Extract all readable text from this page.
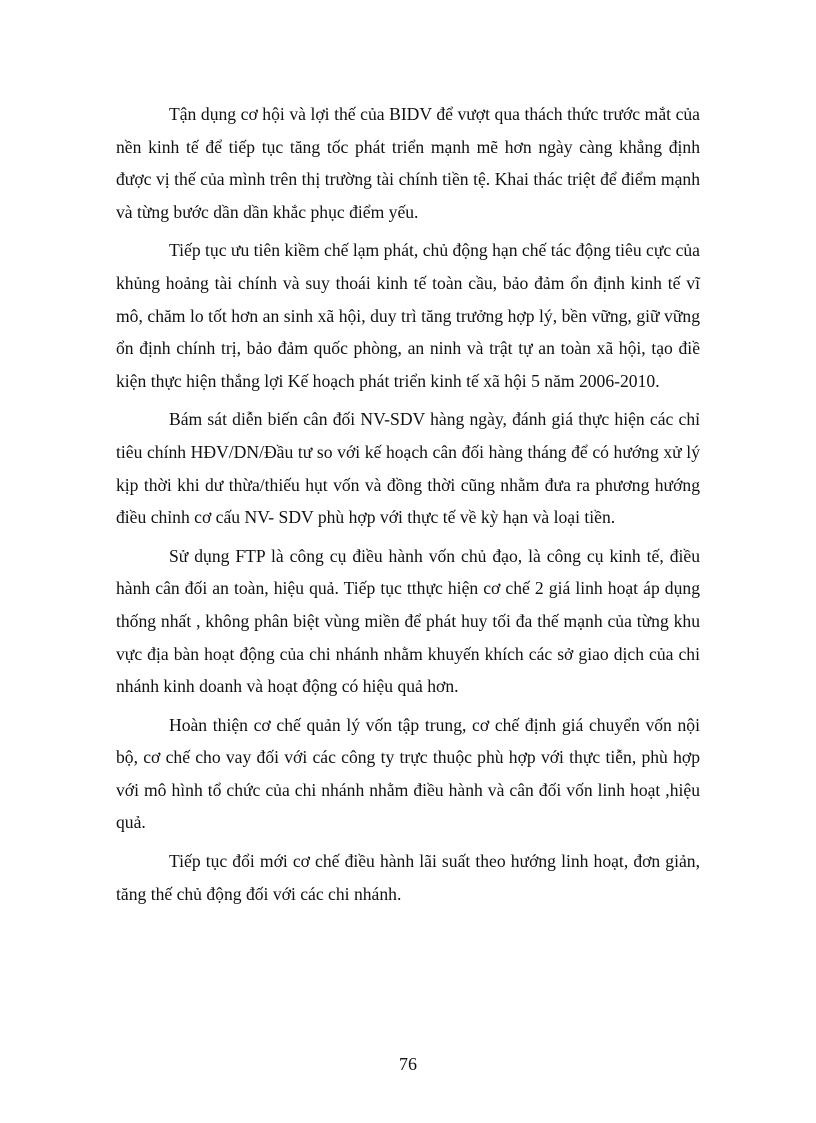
Tận dụng cơ hội và lợi thế của BIDV để vượt qua thách thức trước mắt của nền kinh tế để tiếp tục tăng tốc phát triển mạnh mẽ hơn ngày càng khẳng định được vị thế của mình trên thị trường tài chính tiền tệ. Khai thác triệt để điểm mạnh và từng bước dần dần khắc phục điểm yếu.

Tiếp tục ưu tiên kiềm chế lạm phát, chủ động hạn chế tác động tiêu cực của khủng hoảng tài chính và suy thoái kinh tế toàn cầu, bảo đảm ổn định kinh tế vĩ mô, chăm lo tốt hơn an sinh xã hội, duy trì tăng trưởng hợp lý, bền vững, giữ vững ổn định chính trị, bảo đảm quốc phòng, an ninh và trật tự an toàn xã hội, tạo điề kiện thực hiện thắng lợi Kế hoạch phát triển kinh tế xã hội 5 năm 2006-2010.

Bám sát diễn biến cân đối NV-SDV hàng ngày, đánh giá thực hiện các chỉ tiêu chính HĐV/DN/Đầu tư so với kế hoạch cân đối hàng tháng để có hướng xử lý kịp thời khi dư thừa/thiếu hụt vốn và đồng thời cũng nhằm đưa ra phương hướng điều chỉnh cơ cấu NV- SDV phù hợp với thực tế về kỳ hạn và loại tiền.

Sử dụng FTP là công cụ điều hành vốn chủ đạo, là công cụ kinh tế, điều hành cân đối an toàn, hiệu quả. Tiếp tục tthực hiện cơ chế 2 giá linh hoạt áp dụng thống nhất , không phân biệt vùng miền để phát huy tối đa thế mạnh của từng khu vực địa bàn hoạt động của chi nhánh nhằm khuyến khích các sở giao dịch của chi nhánh kinh doanh và hoạt động có hiệu quả hơn.

Hoàn thiện cơ chế quản lý vốn tập trung, cơ chế định giá chuyển vốn nội bộ, cơ chế cho vay đối với các công ty trực thuộc phù hợp với thực tiễn, phù hợp với mô hình tổ chức của chi nhánh nhằm điều hành và cân đối vốn linh hoạt ,hiệu quả.

Tiếp tục đổi mới cơ chế điều hành lãi suất theo hướng linh hoạt, đơn giản, tăng thế chủ động đối với các chi nhánh.

76
